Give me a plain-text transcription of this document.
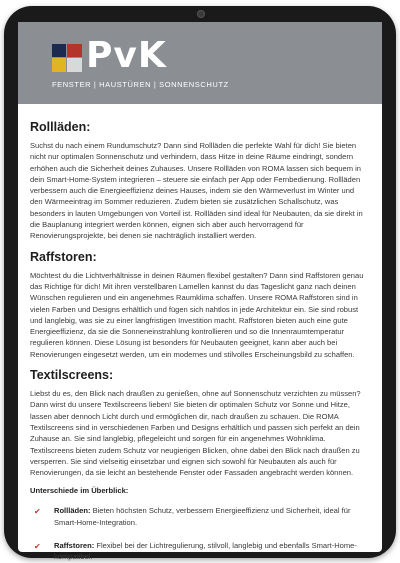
PvK
FENSTER | HAUSTÜREN | SONNENSCHUTZ
Rollläden:

Suchst du nach einem Rundumschutz? Dann sind Rollläden die perfekte Wahl für dich! Sie bieten nicht nur optimalen Sonnenschutz und verhindern, dass Hitze in deine Räume eindringt, sondern erhöhen auch die Sicherheit deines Zuhauses. Unsere Rollläden von ROMA lassen sich bequem in dein Smart-Home-System integrieren – steuere sie einfach per App oder Fernbedienung. Rollläden verbessern auch die Energieeffizienz deines Hauses, indem sie den Wärmeverlust im Winter und den Wärmeeintrag im Sommer reduzieren. Zudem bieten sie zusätzlichen Schallschutz, was besonders in lauten Umgebungen von Vorteil ist. Rollläden sind ideal für Neubauten, da sie direkt in die Bauplanung integriert werden können, eignen sich aber auch hervorragend für Renovierungsprojekte, bei denen sie nachträglich installiert werden.

Raffstoren:

Möchtest du die Lichtverhältnisse in deinen Räumen flexibel gestalten? Dann sind Raffstoren genau das Richtige für dich! Mit ihren verstellbaren Lamellen kannst du das Tageslicht ganz nach deinen Wünschen regulieren und ein angenehmes Raumklima schaffen. Unsere ROMA Raffstoren sind in vielen Farben und Designs erhältlich und fügen sich nahtlos in jede Architektur ein. Sie sind robust und langlebig, was sie zu einer langfristigen Investition macht. Raffstoren bieten auch eine gute Energieeffizienz, da sie die Sonneneinstrahlung kontrollieren und so die Innenraumtemperatur regulieren können. Diese Lösung ist besonders für Neubauten geeignet, kann aber auch bei Renovierungen eingesetzt werden, um ein modernes und stilvolles Erscheinungsbild zu schaffen.

Textilscreens:

Liebst du es, den Blick nach draußen zu genießen, ohne auf Sonnenschutz verzichten zu müssen? Dann wirst du unsere Textilscreens lieben! Sie bieten dir optimalen Schutz vor Sonne und Hitze, lassen aber dennoch Licht durch und ermöglichen dir, nach draußen zu schauen. Die ROMA Textilscreens sind in verschiedenen Farben und Designs erhältlich und passen sich perfekt an dein Zuhause an. Sie sind langlebig, pflegeleicht und sorgen für ein angenehmes Wohnklima. Textilscreens bieten zudem Schutz vor neugierigen Blicken, ohne dabei den Blick nach draußen zu versperren. Sie sind vielseitig einsetzbar und eignen sich sowohl für Neubauten als auch für Renovierungen, da sie leicht an bestehende Fenster oder Fassaden angebracht werden können.

Unterschiede im Überblick:
✔ Rollläden: Bieten höchsten Schutz, verbessern Energieeffizienz und Sicherheit, ideal für Smart-Home-Integration.
✔ Raffstoren: Flexibel bei der Lichtregulierung, stilvoll, langlebig und ebenfalls Smart-Home-kompatibel.
